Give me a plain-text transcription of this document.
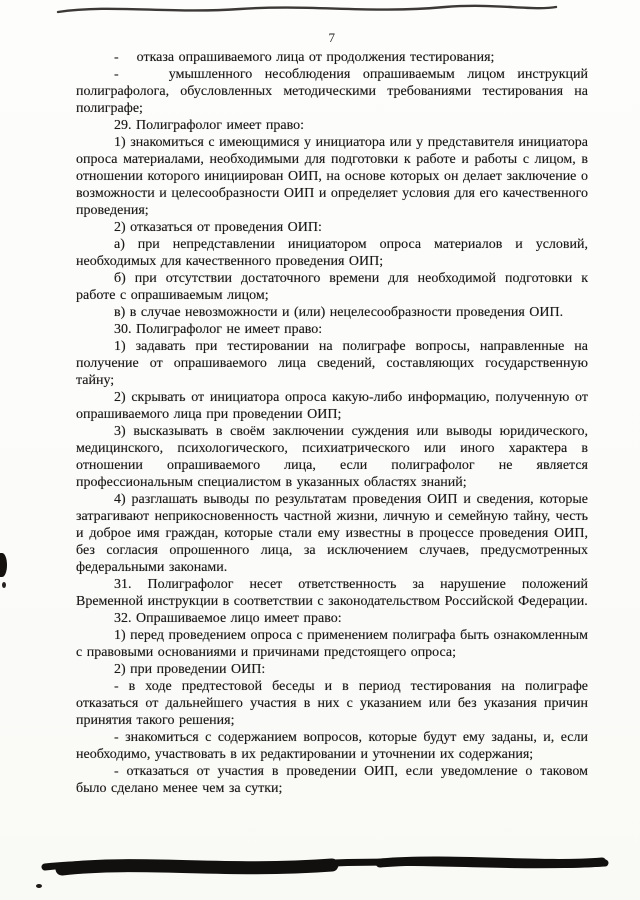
7

-    отказа опрашиваемого лица от продолжения тестирования;

-    умышленного несоблюдения опрашиваемым лицом инструкций полиграфолога, обусловленных методическими требованиями тестирования на полиграфе;

29. Полиграфолог имеет право:

1) знакомиться с имеющимися у инициатора или у представителя инициатора опроса материалами, необходимыми для подготовки к работе и работы с лицом, в отношении которого инициирован ОИП, на основе которых он делает заключение о возможности и целесообразности ОИП и определяет условия для его качественного проведения;

2) отказаться от проведения ОИП:

а) при непредставлении инициатором опроса материалов и условий, необходимых для качественного проведения ОИП;

б) при отсутствии достаточного времени для необходимой подготовки к работе с опрашиваемым лицом;

в) в случае невозможности и (или) нецелесообразности проведения ОИП.

30. Полиграфолог не имеет право:

1) задавать при тестировании на полиграфе вопросы, направленные на получение от опрашиваемого лица сведений, составляющих государственную тайну;

2) скрывать от инициатора опроса какую-либо информацию, полученную от опрашиваемого лица при проведении ОИП;

3) высказывать в своём заключении суждения или выводы юридического, медицинского, психологического, психиатрического или иного характера в отношении опрашиваемого лица, если полиграфолог не является профессиональным специалистом в указанных областях знаний;

4) разглашать выводы по результатам проведения ОИП и сведения, которые затрагивают неприкосновенность частной жизни, личную и семейную тайну, честь и доброе имя граждан, которые стали ему известны в процессе проведения ОИП, без согласия опрошенного лица, за исключением случаев, предусмотренных федеральными законами.

31. Полиграфолог несет ответственность за нарушение положений Временной инструкции в соответствии с законодательством Российской Федерации.

32. Опрашиваемое лицо имеет право:

1) перед проведением опроса с применением полиграфа быть ознакомленным с правовыми основаниями и причинами предстоящего опроса;

2) при проведении ОИП:

- в ходе предтестовой беседы и в период тестирования на полиграфе отказаться от дальнейшего участия в них с указанием или без указания причин принятия такого решения;

- знакомиться с содержанием вопросов, которые будут ему заданы, и, если необходимо, участвовать в их редактировании и уточнении их содержания;

- отказаться от участия в проведении ОИП, если уведомление о таковом было сделано менее чем за сутки;
